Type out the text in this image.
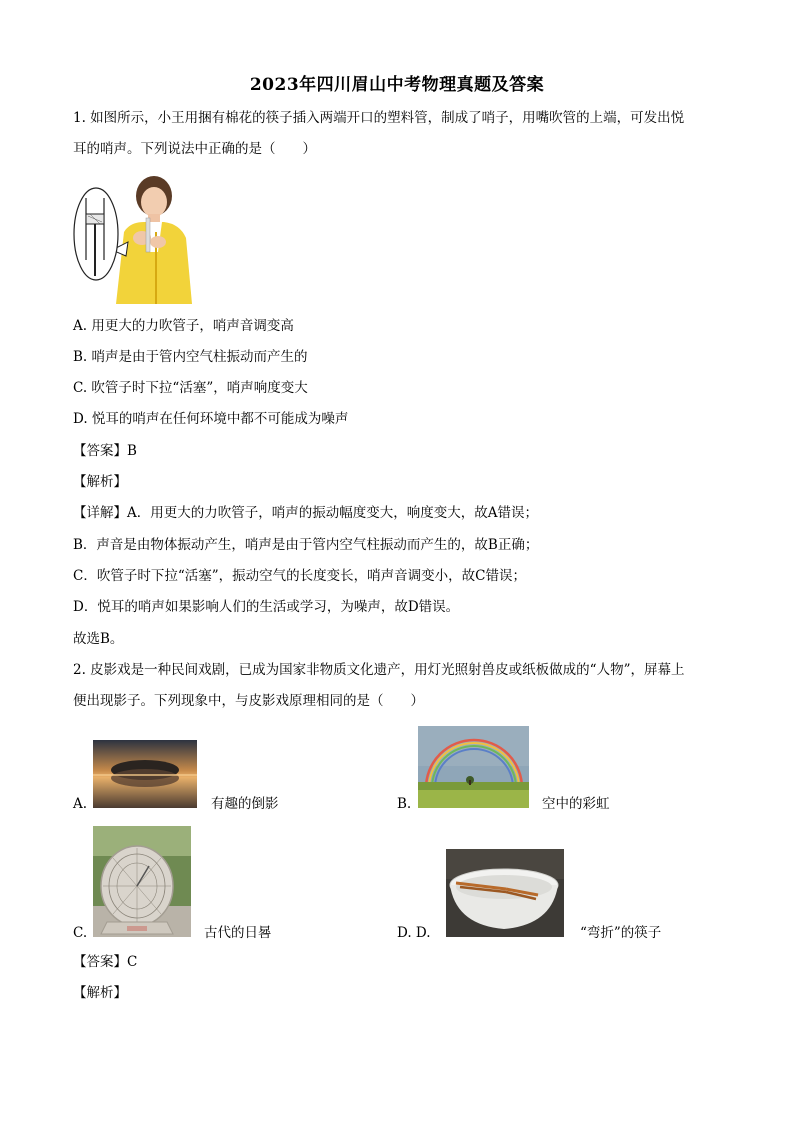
2023年四川眉山中考物理真题及答案
1. 如图所示，小王用捆有棉花的筷子插入两端开口的塑料管，制成了哨子，用嘴吹管的上端，可发出悦
耳的哨声。下列说法中正确的是（　　）
A. 用更大的力吹管子，哨声音调变高
B. 哨声是由于管内空气柱振动而产生的
C. 吹管子时下拉“活塞”，哨声响度变大
D. 悦耳的哨声在任何环境中都不可能成为噪声
【答案】B
【解析】
【详解】A．用更大的力吹管子，哨声的振动幅度变大，响度变大，故A错误；
B．声音是由物体振动产生，哨声是由于管内空气柱振动而产生的，故B正确；
C．吹管子时下拉“活塞”，振动空气的长度变长，哨声音调变小，故C错误；
D．悦耳的哨声如果影响人们的生活或学习，为噪声，故D错误。
故选B。
2. 皮影戏是一种民间戏剧，已成为国家非物质文化遗产，用灯光照射兽皮或纸板做成的“人物”，屏幕上
便出现影子。下列现象中，与皮影戏原理相同的是（　　）
A.	有趣的倒影	B.	空中的彩虹
C.	古代的日晷	D. D.	“弯折”的筷子
【答案】C
【解析】
